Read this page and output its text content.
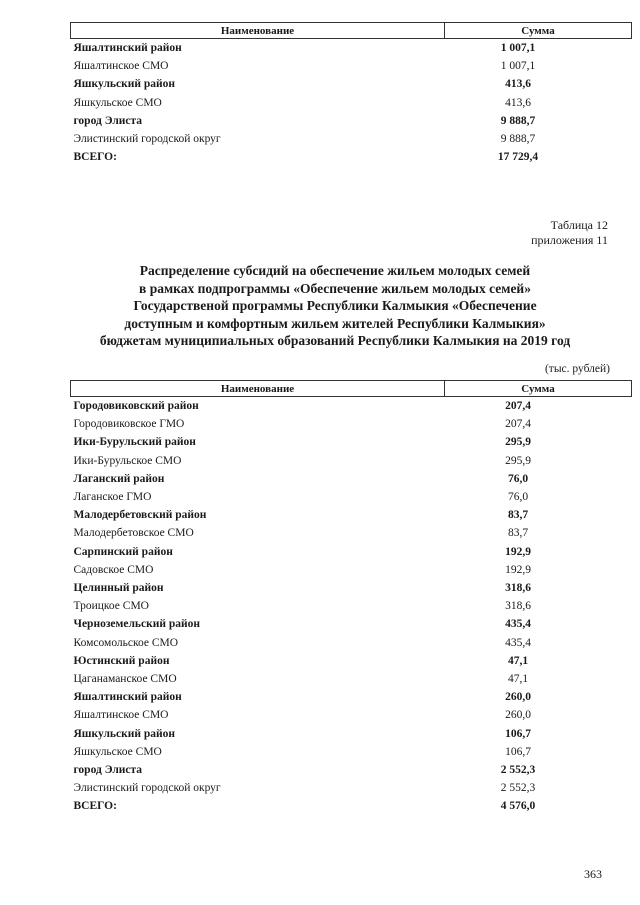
Наименование	Сумма
Яшалтинский район	1 007,1
Яшалтинское СМО	1 007,1
Яшкульский район	413,6
Яшкульское СМО	413,6
город Элиста	9 888,7
Элистинский городской округ	9 888,7
ВСЕГО:	17 729,4
Таблица 12
приложения 11
Распределение субсидий на обеспечение жильем молодых семей
в рамках подпрограммы «Обеспечение жильем молодых семей»
Государственой программы Республики Калмыкия «Обеспечение
доступным и комфортным жильем жителей Республики Калмыкия»
бюджетам муниципиальных образований Республики Калмыкия на 2019 год
(тыс. рублей)
Наименование	Сумма
Городовиковский район	207,4
Городовиковское ГМО	207,4
Ики-Бурульский район	295,9
Ики-Бурульское СМО	295,9
Лаганский район	76,0
Лаганское ГМО	76,0
Малодербетовский район	83,7
Малодербетовское СМО	83,7
Сарпинский район	192,9
Садовское СМО	192,9
Целинный район	318,6
Троицкое СМО	318,6
Черноземельский район	435,4
Комсомольское СМО	435,4
Юстинский район	47,1
Цаганаманское СМО	47,1
Яшалтинский район	260,0
Яшалтинское СМО	260,0
Яшкульский район	106,7
Яшкульское СМО	106,7
город Элиста	2 552,3
Элистинский городской округ	2 552,3
ВСЕГО:	4 576,0
363
